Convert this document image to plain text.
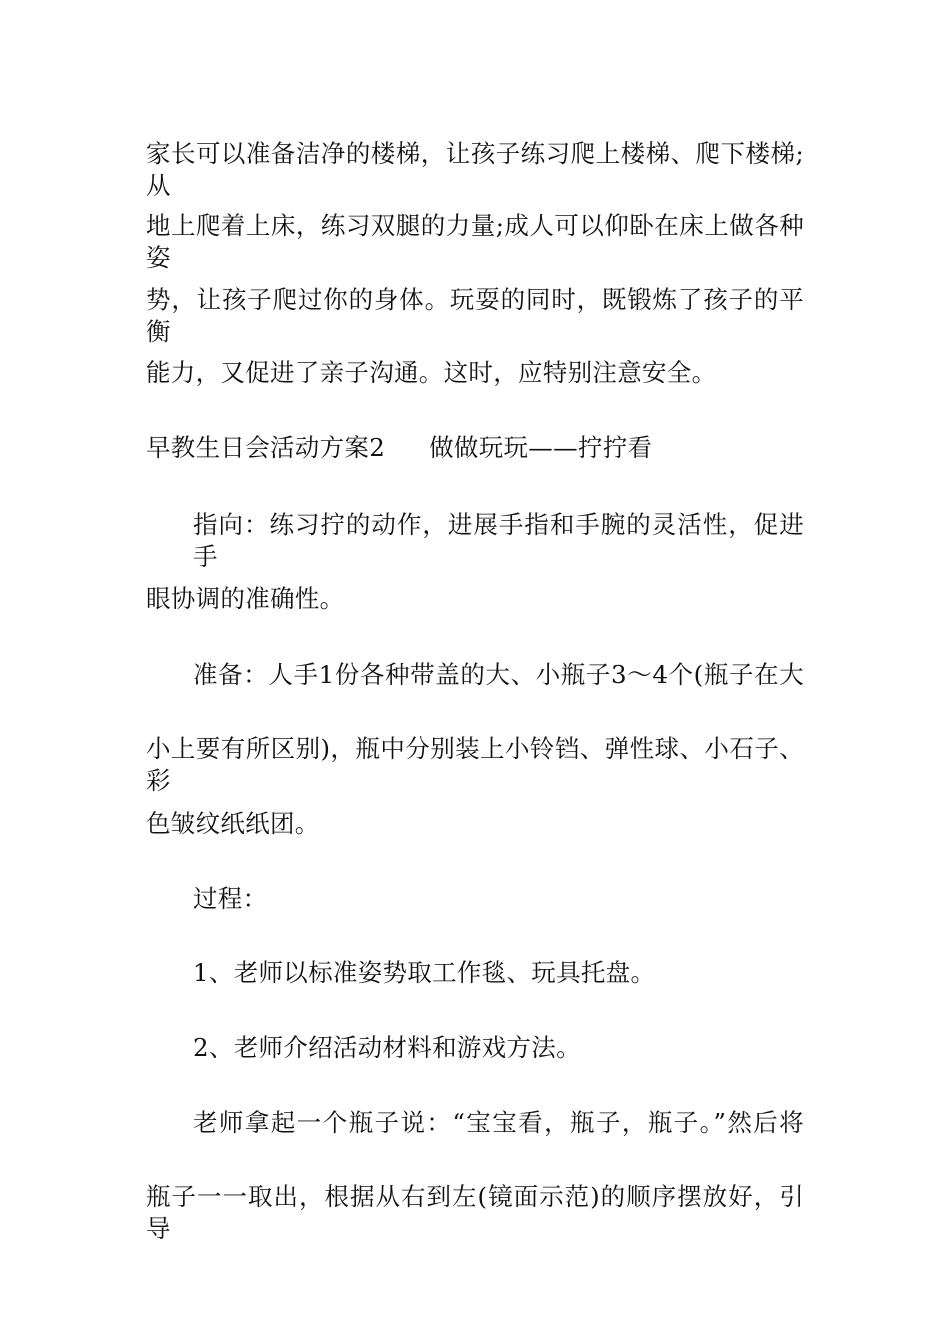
家长可以准备洁净的楼梯，让孩子练习爬上楼梯、爬下楼梯;从
地上爬着上床，练习双腿的力量;成人可以仰卧在床上做各种姿
势，让孩子爬过你的身体。玩耍的同时，既锻炼了孩子的平衡
能力，又促进了亲子沟通。这时，应特别注意安全。
早教生日会活动方案2 做做玩玩——拧拧看
指向：练习拧的动作，进展手指和手腕的灵活性，促进手
眼协调的准确性。
准备：人手1份各种带盖的大、小瓶子3～4个(瓶子在大
小上要有所区别)，瓶中分别装上小铃铛、弹性球、小石子、彩
色皱纹纸纸团。
过程：
1、老师以标准姿势取工作毯、玩具托盘。
2、老师介绍活动材料和游戏方法。
老师拿起一个瓶子说：“宝宝看，瓶子，瓶子。”然后将
瓶子一一取出，根据从右到左(镜面示范)的顺序摆放好，引导
